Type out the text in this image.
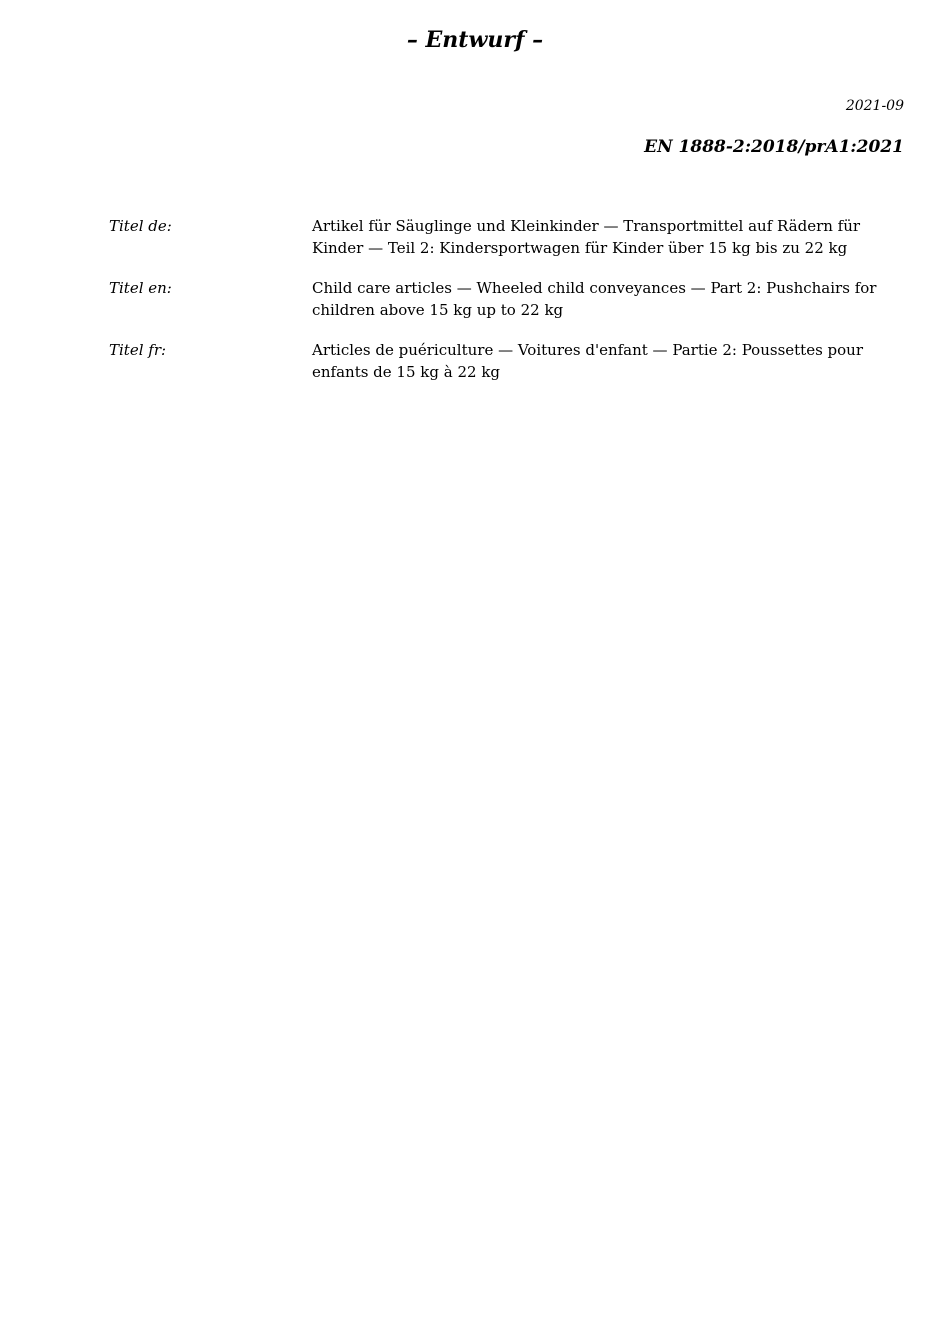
– Entwurf –
2021-09
EN 1888-2:2018/prA1:2021
Titel de:	Artikel für Säuglinge und Kleinkinder — Transportmittel auf Rädern für Kinder — Teil 2: Kindersportwagen für Kinder über 15 kg bis zu 22 kg
Titel en:	Child care articles — Wheeled child conveyances — Part 2: Pushchairs for children above 15 kg up to 22 kg
Titel fr:	Articles de puériculture — Voitures d'enfant — Partie 2: Poussettes pour enfants de 15 kg à 22 kg
